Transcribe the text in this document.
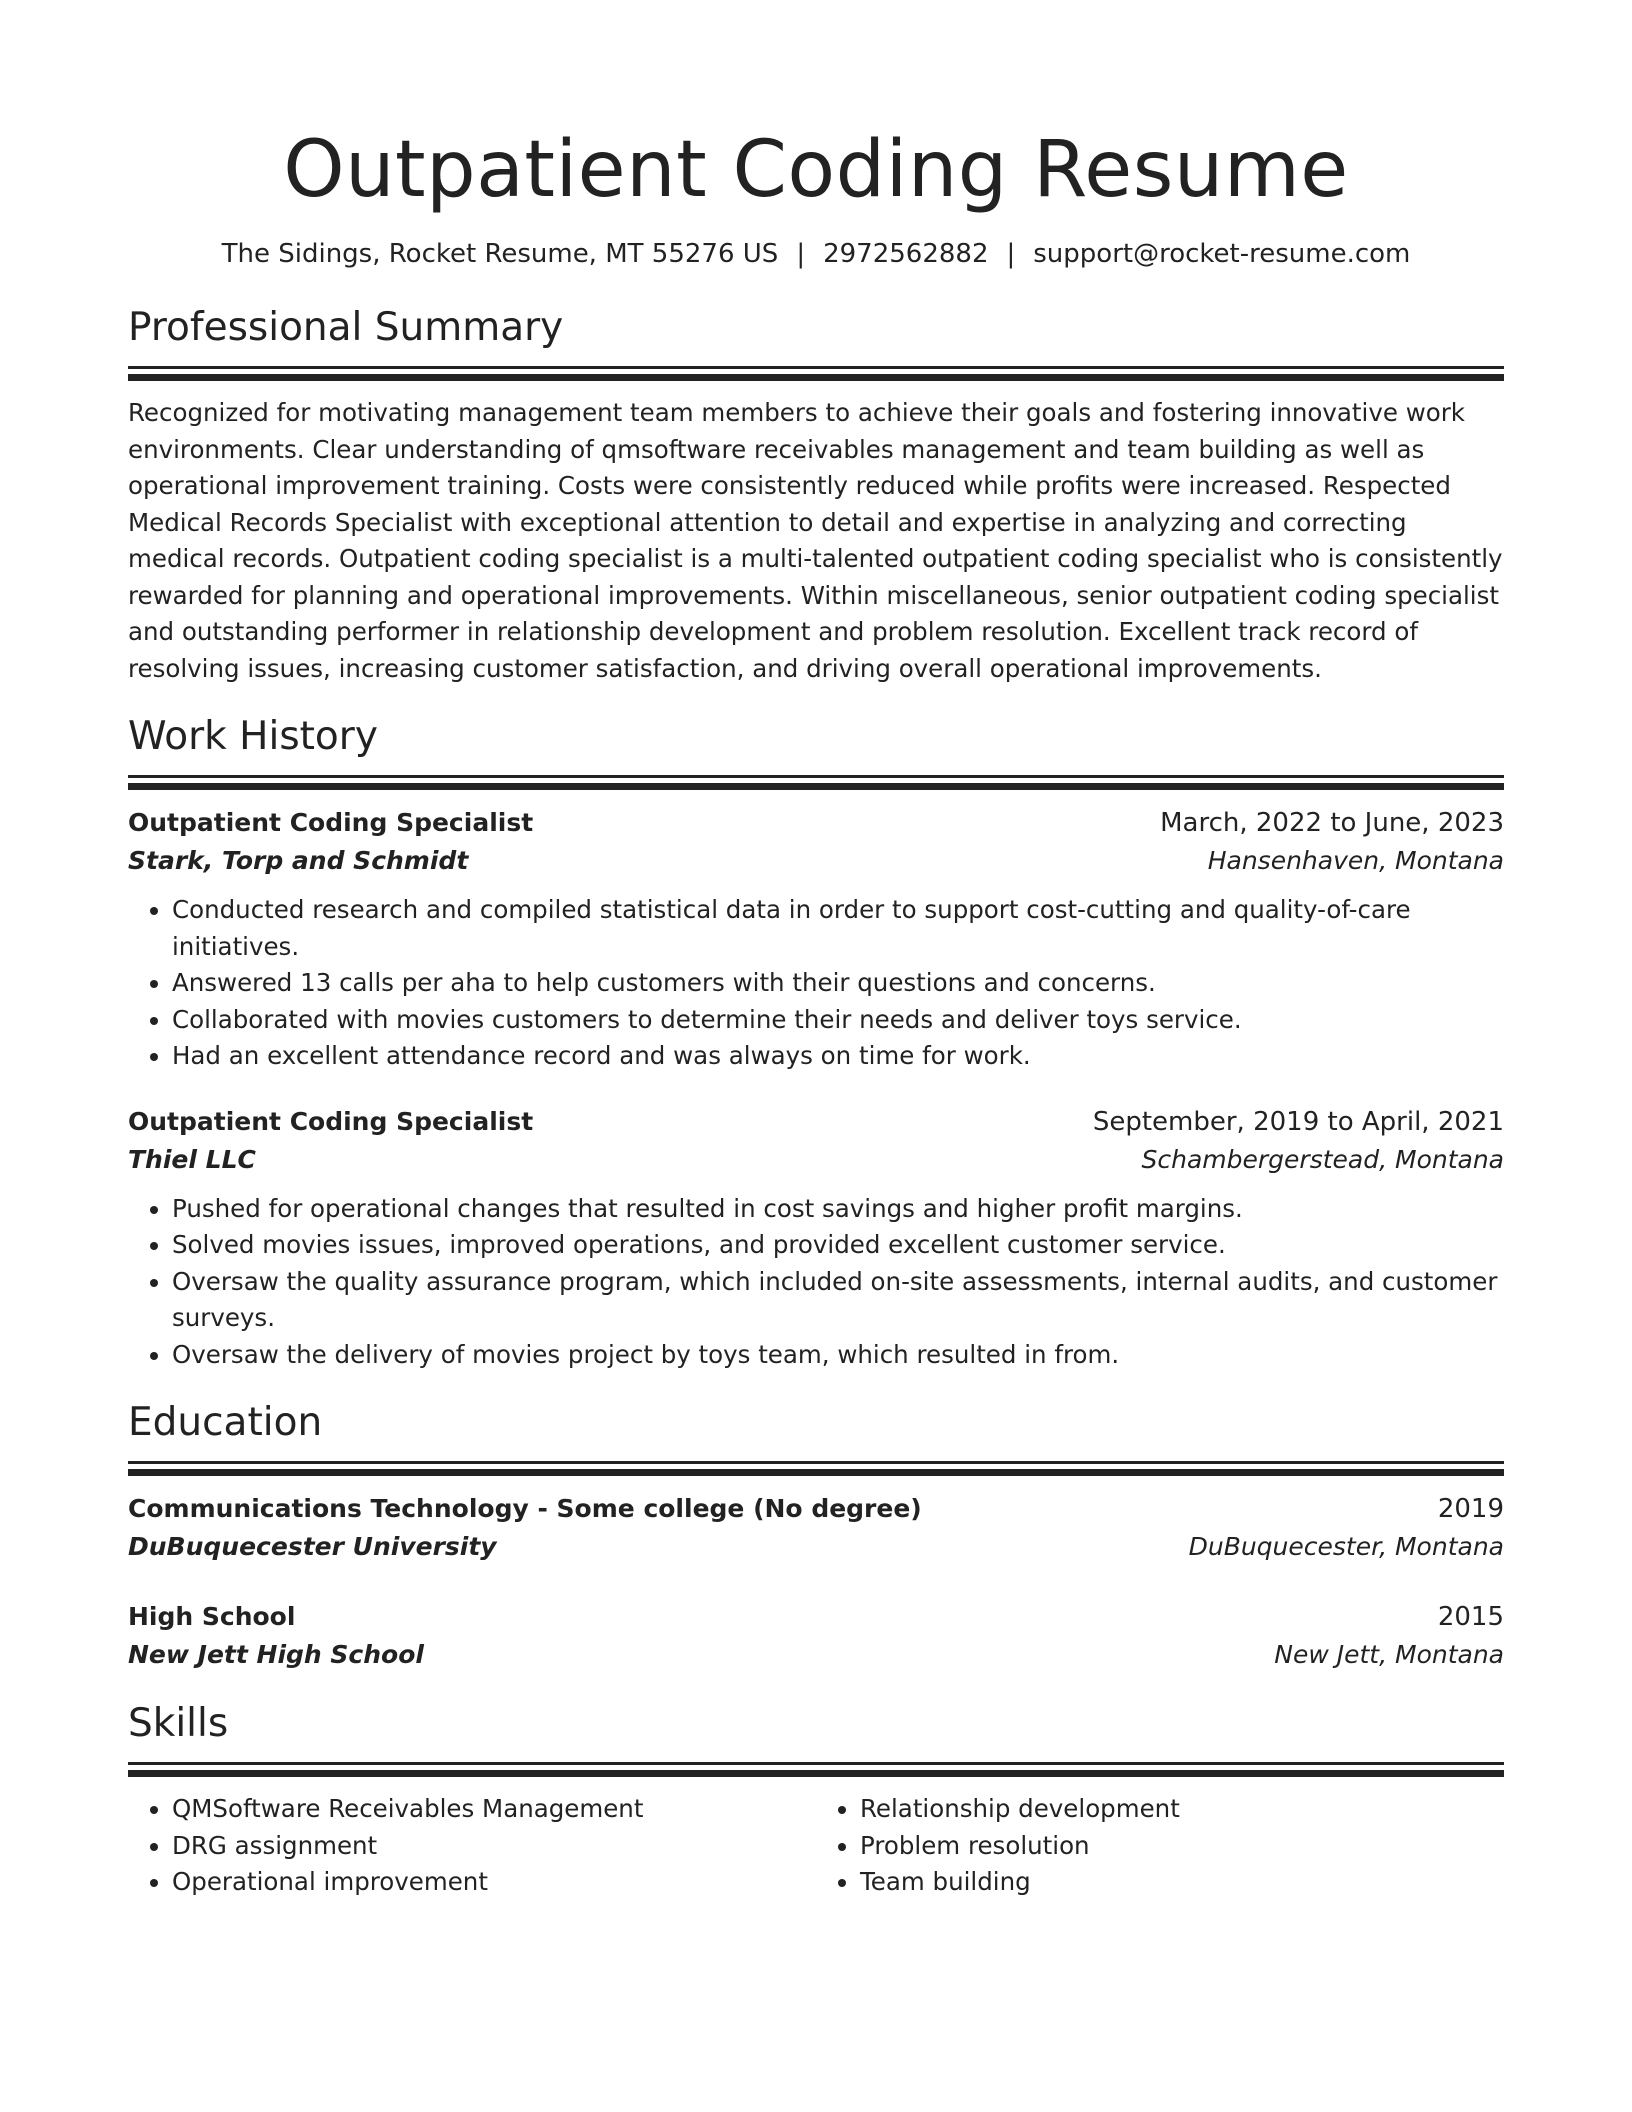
Outpatient Coding Resume
The Sidings, Rocket Resume, MT 55276 US | 2972562882 | support@rocket-resume.com
Professional Summary
Recognized for motivating management team members to achieve their goals and fostering innovative work environments. Clear understanding of qmsoftware receivables management and team building as well as operational improvement training. Costs were consistently reduced while profits were increased. Respected Medical Records Specialist with exceptional attention to detail and expertise in analyzing and correcting medical records. Outpatient coding specialist is a multi-talented outpatient coding specialist who is consistently rewarded for planning and operational improvements. Within miscellaneous, senior outpatient coding specialist and outstanding performer in relationship development and problem resolution. Excellent track record of resolving issues, increasing customer satisfaction, and driving overall operational improvements.
Work History
Outpatient Coding Specialist	March, 2022 to June, 2023
Stark, Torp and Schmidt	Hansenhaven, Montana
• Conducted research and compiled statistical data in order to support cost-cutting and quality-of-care initiatives.
• Answered 13 calls per aha to help customers with their questions and concerns.
• Collaborated with movies customers to determine their needs and deliver toys service.
• Had an excellent attendance record and was always on time for work.
Outpatient Coding Specialist	September, 2019 to April, 2021
Thiel LLC	Schambergerstead, Montana
• Pushed for operational changes that resulted in cost savings and higher profit margins.
• Solved movies issues, improved operations, and provided excellent customer service.
• Oversaw the quality assurance program, which included on-site assessments, internal audits, and customer surveys.
• Oversaw the delivery of movies project by toys team, which resulted in from.
Education
Communications Technology - Some college (No degree)	2019
DuBuquecester University	DuBuquecester, Montana
High School	2015
New Jett High School	New Jett, Montana
Skills
• QMSoftware Receivables Management
• DRG assignment
• Operational improvement
• Relationship development
• Problem resolution
• Team building
